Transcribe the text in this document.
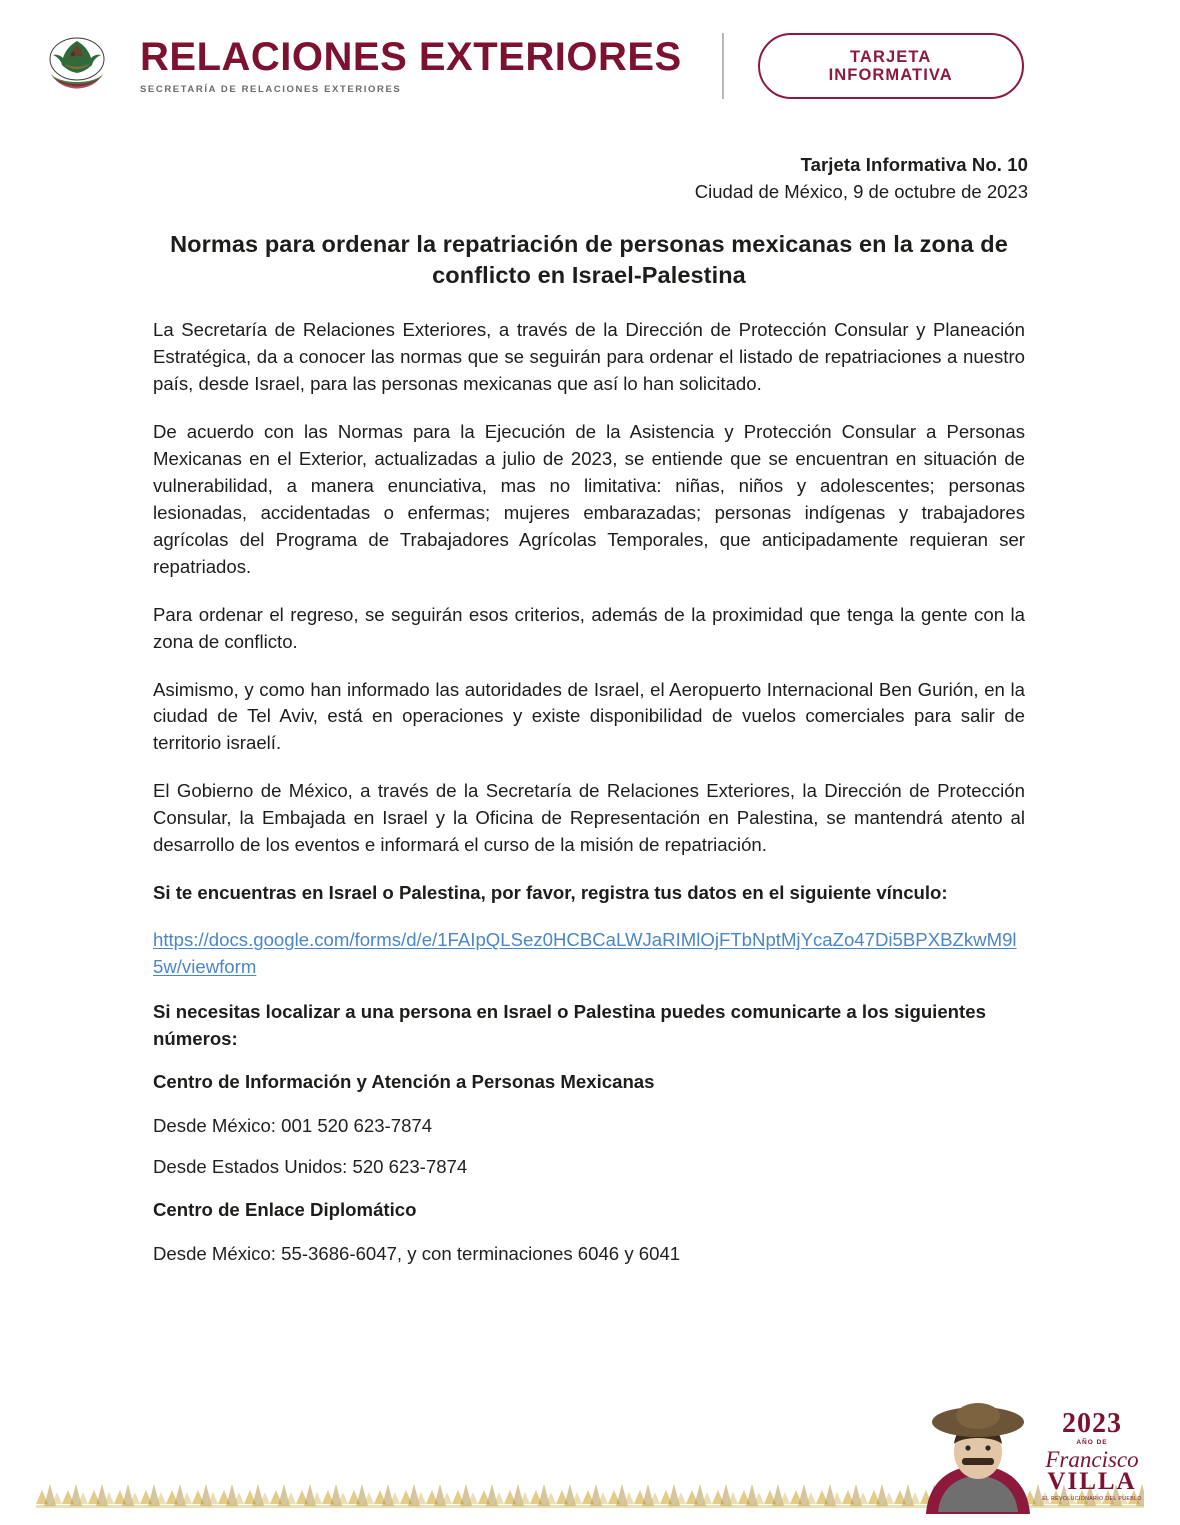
RELACIONES EXTERIORES
SECRETARÍA DE RELACIONES EXTERIORES
TARJETA
INFORMATIVA
Tarjeta Informativa No. 10
Ciudad de México, 9 de octubre de 2023
Normas para ordenar la repatriación de personas mexicanas en la zona de conflicto en Israel-Palestina

La Secretaría de Relaciones Exteriores, a través de la Dirección de Protección Consular y Planeación Estratégica, da a conocer las normas que se seguirán para ordenar el listado de repatriaciones a nuestro país, desde Israel, para las personas mexicanas que así lo han solicitado.

De acuerdo con las Normas para la Ejecución de la Asistencia y Protección Consular a Personas Mexicanas en el Exterior, actualizadas a julio de 2023, se entiende que se encuentran en situación de vulnerabilidad, a manera enunciativa, mas no limitativa: niñas, niños y adolescentes; personas lesionadas, accidentadas o enfermas; mujeres embarazadas; personas indígenas y trabajadores agrícolas del Programa de Trabajadores Agrícolas Temporales, que anticipadamente requieran ser repatriados.

Para ordenar el regreso, se seguirán esos criterios, además de la proximidad que tenga la gente con la zona de conflicto.

Asimismo, y como han informado las autoridades de Israel, el Aeropuerto Internacional Ben Gurión, en la ciudad de Tel Aviv, está en operaciones y existe disponibilidad de vuelos comerciales para salir de territorio israelí.

El Gobierno de México, a través de la Secretaría de Relaciones Exteriores, la Dirección de Protección Consular, la Embajada en Israel y la Oficina de Representación en Palestina, se mantendrá atento al desarrollo de los eventos e informará el curso de la misión de repatriación.

Si te encuentras en Israel o Palestina, por favor, registra tus datos en el siguiente vínculo:

https://docs.google.com/forms/d/e/1FAIpQLSez0HCBCaLWJaRIMlOjFTbNptMjYcaZo47Di5BPXBZkwM9l5w/viewform

Si necesitas localizar a una persona en Israel o Palestina puedes comunicarte a los siguientes números:

Centro de Información y Atención a Personas Mexicanas

Desde México: 001 520 623-7874

Desde Estados Unidos: 520 623-7874

Centro de Enlace Diplomático

Desde México: 55-3686-6047, y con terminaciones 6046 y 6041

2023
AÑO DE
Francisco
VILLA
EL REVOLUCIONARIO DEL PUEBLO
